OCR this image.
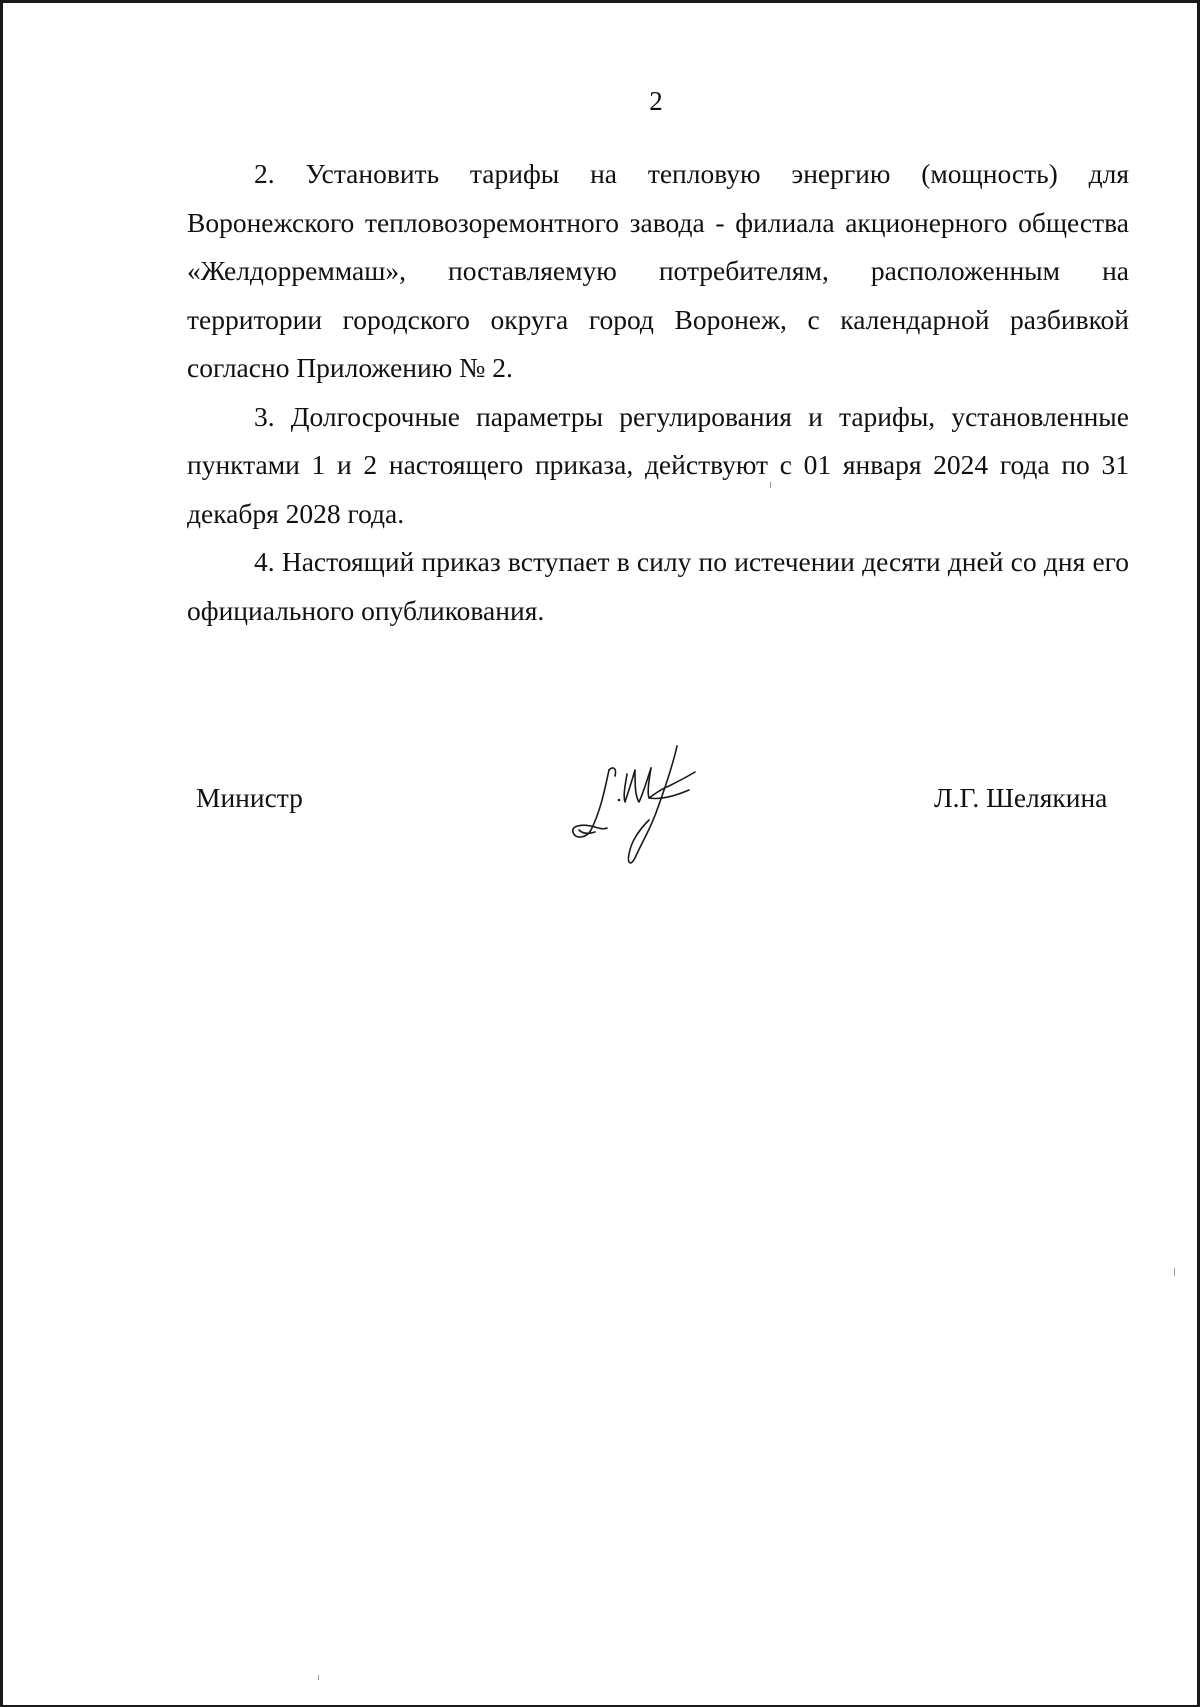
2

2. Установить тарифы на тепловую энергию (мощность) для Воронежского тепловозоремонтного завода - филиала акционерного общества «Желдорреммаш», поставляемую потребителям, расположенным на территории городского округа город Воронеж, с календарной разбивкой согласно Приложению № 2.

3. Долгосрочные параметры регулирования и тарифы, установленные пунктами 1 и 2 настоящего приказа, действуют с 01 января 2024 года по 31 декабря 2028 года.

4. Настоящий приказ вступает в силу по истечении десяти дней со дня его официального опубликования.

Министр	Л.Г. Шелякина
